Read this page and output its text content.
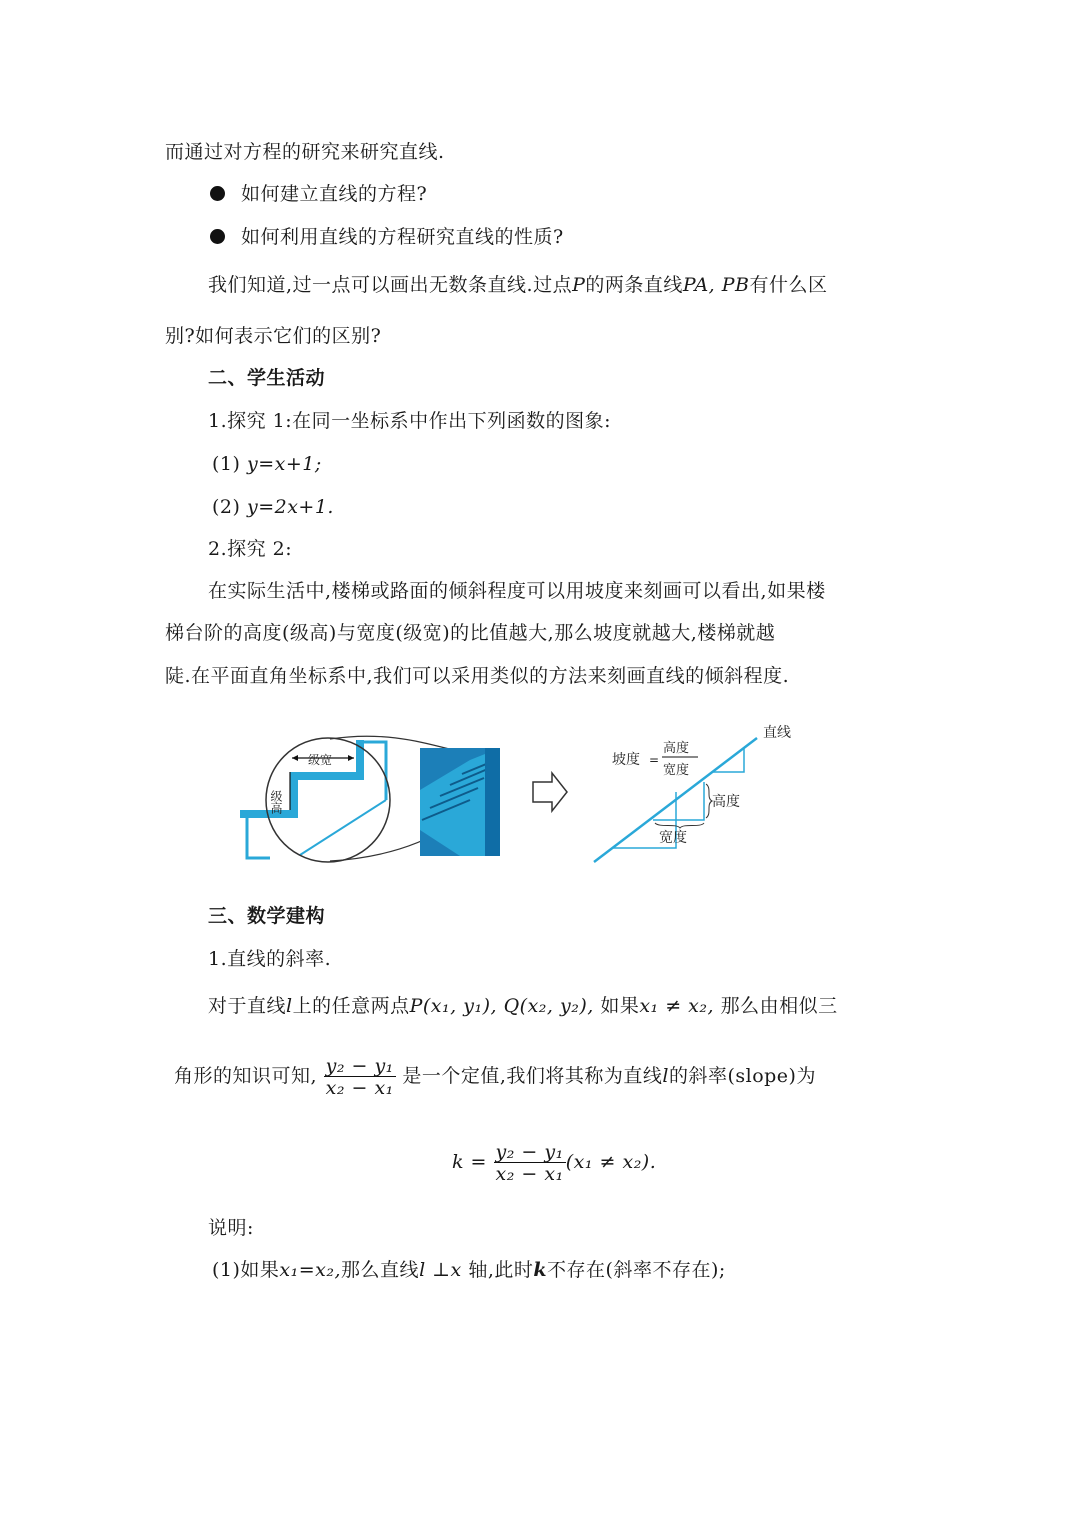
而通过对方程的研究来研究直线.
如何建立直线的方程?
如何利用直线的方程研究直线的性质?
我们知道,过一点可以画出无数条直线.过点P的两条直线PA, PB有什么区
别?如何表示它们的区别?
二、学生活动
1.探究 1:在同一坐标系中作出下列函数的图象:
(1) y=x+1;
(2) y=2x+1.
2.探究 2:
在实际生活中,楼梯或路面的倾斜程度可以用坡度来刻画可以看出,如果楼
梯台阶的高度(级高)与宽度(级宽)的比值越大,那么坡度就越大,楼梯就越
陡.在平面直角坐标系中,我们可以采用类似的方法来刻画直线的倾斜程度.
级宽
级高
坡度 =
高度
宽度
高度
宽度
直线
三、数学建构
1.直线的斜率.
对于直线l上的任意两点P(x₁, y₁), Q(x₂, y₂), 如果x₁ ≠ x₂, 那么由相似三
角形的知识可知, $\frac{\text{y₂ − y₁}}{\text{x₂ − x₁}}$ 是一个定值,我们将其称为直线l的斜率(slope)为
$k = \frac{\text{y₂ − y₁}}{\text{x₂ − x₁}} (x_1 \ne x_2)$.
说明:
(1)如果x₁=x₂,那么直线l ⊥x 轴,此时k不存在(斜率不存在);
